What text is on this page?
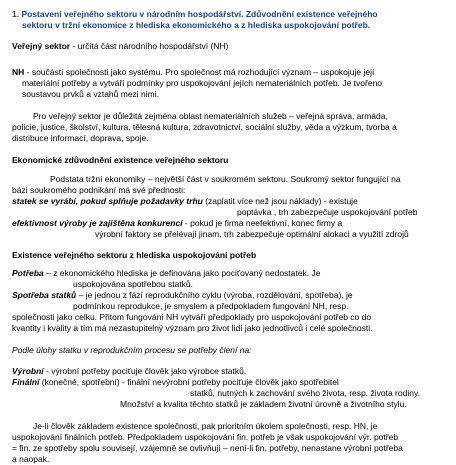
1. Postavení veřejného sektoru v národním hospodářství. Zdůvodnění existence veřejného
sektoru v tržní ekonomice z hlediska ekonomického a z hlediska uspokojování potřeb.
Veřejný sektor - určitá část národního hospodářství (NH)
NH - součástí společnosti jako systému. Pro společnost má rozhodující význam – uspokojuje její
materiální potřeby a vytváří podmínky pro uspokojování jejích nemateriálních potřeb. Je tvořeno
soustavou prvků a vztahů mezi nimi.
Pro veřejný sektor je důležitá zejména oblast nemateriálních služeb – veřejná správa, armáda,
policie, justice, školství, kultura, tělesná kultura, zdravotnictví, sociální služby, věda a výzkum, tvorba a
distribuce informací, doprava, spoje.
Ekonomické zdůvodnění existence veřejného sektoru
Podstata tržní ekonomiky – největší část v soukromém sektoru. Soukromý sektor fungující na
bázi soukromého podnikání má své přednosti:
statek se vyrábí, pokud splňuje požadavky trhu (zaplatit více než jsou náklady) - existuje
poptávka , trh zabezpečuje uspokojování potřeb
efektivnost výroby je zajištěna konkurencí - pokud je firma neefektivní, konec firmy a
výrobní faktory se přelévají jinam, trh zabezpečuje optimální alokaci a využití zdrojů
Existence veřejného sektoru z hlediska uspokojování potřeb
Potřeba – z ekonomického hlediska je definována jako pociťovaný nedostatek. Je
uspokojována spotřebou statků.
Spotřeba statků – je jednou z fází reprodukčního cyklu (výroba, rozdělování, spotřeba), je
podmínkou reprodukce, je smyslem a předpokladem fungování NH, resp.
společnosti jako celku. Přitom fungování NH vytváří předpoklady pro uspokojování potřeb co do
kvantity i kvality a tím má nezastupitelný význam pro život lidí jako jednotlivců i celé společnosti.
Podle úlohy statku v reprodukčním procesu se potřeby člení na:
Výrobní - výrobní potřeby pociťuje člověk jako výrobce statků.
Finální (konečné, spotřební) - finální nevýrobní potřeby pociťuje člověk jako spotřebitel
statků, nutných k zachování svého života, resp. života rodiny.
Množství a kvalita těchto statků je základem životní úrovně a životního stylu.
Je-li člověk základem existence společnosti, pak prioritním úkolem společnosti, resp. HN, je
uspokojování finálních potřeb. Předpokladem uspokojování fin. potřeb je však uspokojování výr. potřeb
= fin. ze spotřeby spolu souvisejí, vzájemně se ovlivňují – není-li fin. potřeby, nenastane výrobní potřeba
a naopak.
